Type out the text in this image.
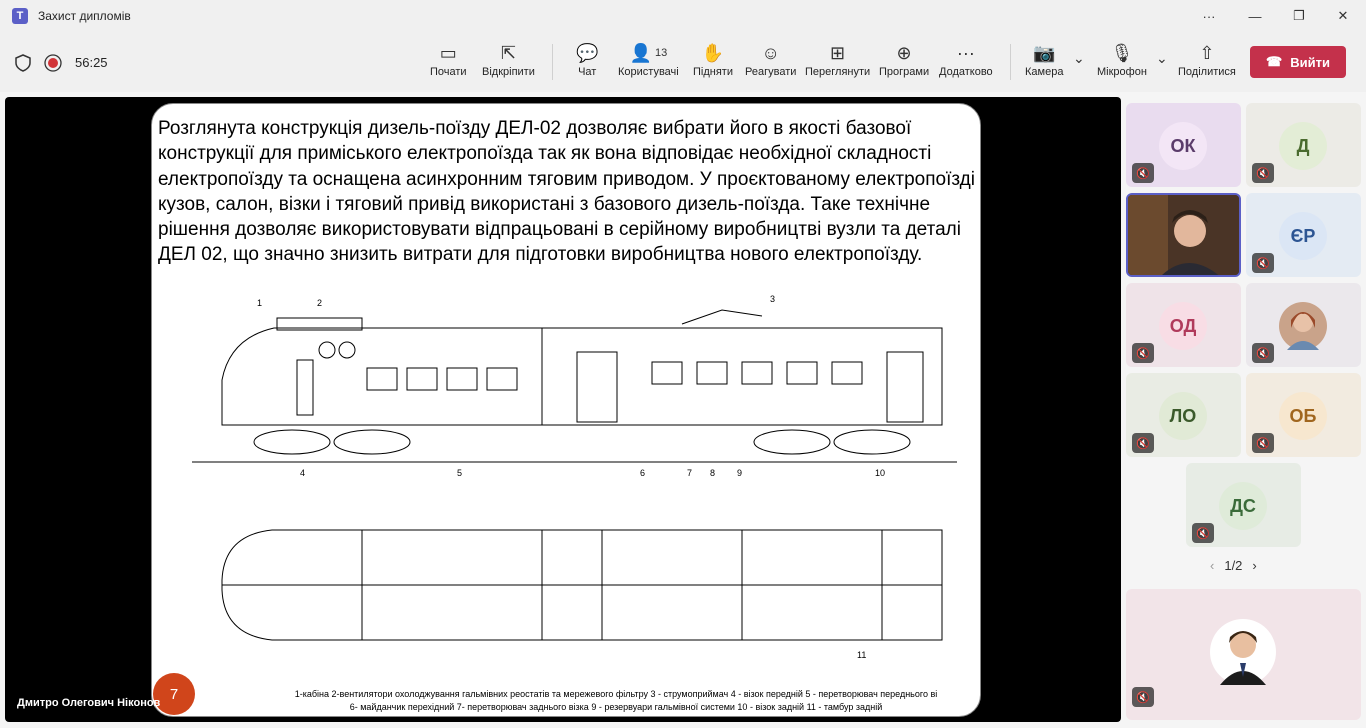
T	Захист дипломів	···	—	❐	✕
56:25	▭
Почати
⇱
Відкріпити
💬
Чат
👤 13
Користувачі
✋
Підняти
☺
Реагувати
⊞
Переглянути
⊕
Програми
···
Додатково
📷
Камера
⌄ 🎙
Мікрофон
⌄ ⇧
Поділитися
☎ Вийти
Розглянута конструкція дизель-поїзду ДЕЛ-02 дозволяє вибрати його в якості базової конструкції для приміського електропоїзда так як вона відповідає необхідної складності електропоїзду та оснащена асинхронним тяговим приводом. У проєктованому електропоїзді кузов, салон, візки і тяговий привід використані з базового дизель-поїзда. Таке технічне рішення дозволяє використовувати відпрацьовані в серійному виробництві вузли та деталі ДЕЛ 02, що значно знизить витрати для підготовки виробництва нового електропоїзду.
1	2	3
4	5	6	7 8 9	10
11
1-кабіна 2-вентилятори охолоджування гальмівних реостатів та мережевого фільтру 3 - струмоприймач 4 - візок передній 5 - перетворювач переднього ві
6- майданчик перехідний 7- перетворювач заднього візка 9 - резервуари гальмівної системи 10 - візок задній 11 - тамбур задній
7
Дмитро Олегович Ніконов
ОК
🔇
Д
🔇
ЄР
🔇
ОД
🔇	🔇
ЛО
🔇
ОБ
🔇
ДС
🔇
‹ 1/2 ›
🔇
